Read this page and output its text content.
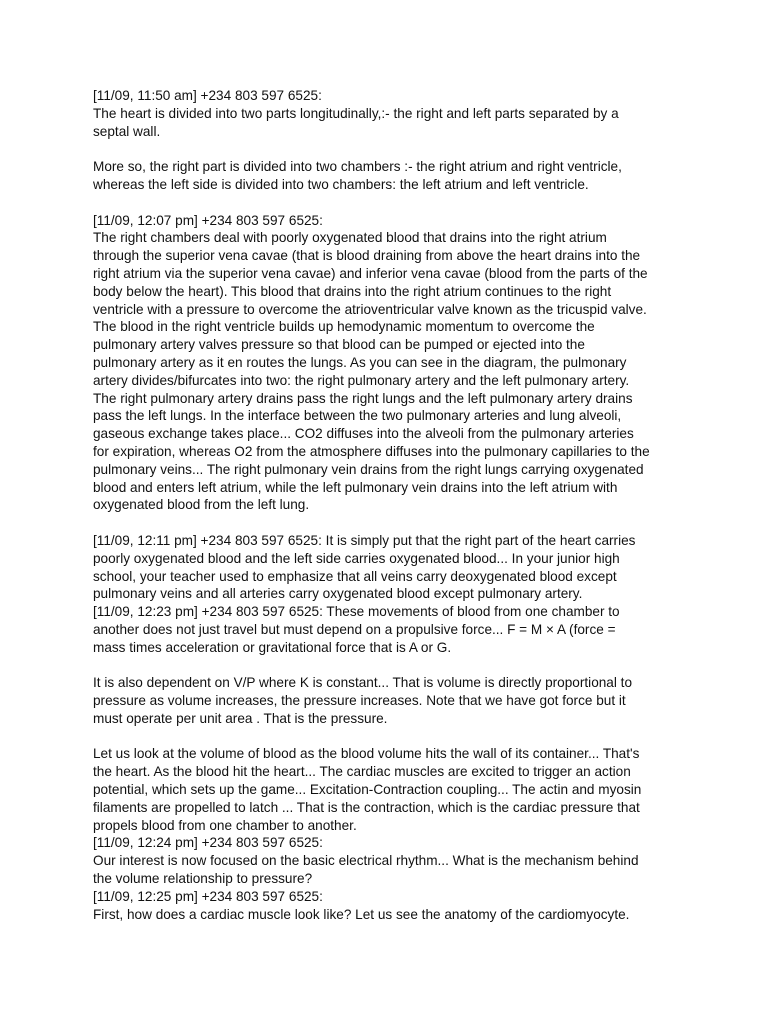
[11/09, 11:50 am] +234 803 597 6525:
The heart is divided into two parts longitudinally,:- the right and left parts separated by a
septal wall.

More so, the right part is divided into two chambers :- the right atrium and right ventricle,
whereas the left side is divided into two chambers: the left atrium and left ventricle.

[11/09, 12:07 pm] +234 803 597 6525:
The right chambers deal with poorly oxygenated blood that drains into the right atrium
through the superior vena cavae (that is blood draining from above the heart drains into the
right atrium via the superior vena cavae) and inferior vena cavae (blood from the parts of the
body below the heart). This blood that drains into the right atrium continues to the right
ventricle with a pressure to overcome the atrioventricular valve known as the tricuspid valve.
The blood in the right ventricle builds up hemodynamic momentum to overcome the
pulmonary artery valves pressure so that blood can be pumped or ejected into the
pulmonary artery as it en routes the lungs. As you can see in the diagram, the pulmonary
artery divides/bifurcates into two: the right pulmonary artery and the left pulmonary artery.
The right pulmonary artery drains pass the right lungs and the left pulmonary artery drains
pass the left lungs. In the interface between the two pulmonary arteries and lung alveoli,
gaseous exchange takes place... CO2 diffuses into the alveoli from the pulmonary arteries
for expiration, whereas O2 from the atmosphere diffuses into the pulmonary capillaries to the
pulmonary veins... The right pulmonary vein drains from the right lungs carrying oxygenated
blood and enters left atrium, while the left pulmonary vein drains into the left atrium with
oxygenated blood from the left lung.

[11/09, 12:11 pm] +234 803 597 6525: It is simply put that the right part of the heart carries
poorly oxygenated blood and the left side carries oxygenated blood... In your junior high
school, your teacher used to emphasize that all veins carry deoxygenated blood except
pulmonary veins and all arteries carry oxygenated blood except pulmonary artery.
[11/09, 12:23 pm] +234 803 597 6525: These movements of blood from one chamber to
another does not just travel but must depend on a propulsive force... F = M × A (force =
mass times acceleration or gravitational force that is A or G.

It is also dependent on V/P where K is constant... That is volume is directly proportional to
pressure as volume increases, the pressure increases. Note that we have got force but it
must operate per unit area . That is the pressure.

Let us look at the volume of blood as the blood volume hits the wall of its container... That's
the heart. As the blood hit the heart... The cardiac muscles are excited to trigger an action
potential, which sets up the game... Excitation-Contraction coupling... The actin and myosin
filaments are propelled to latch ... That is the contraction, which is the cardiac pressure that
propels blood from one chamber to another.
[11/09, 12:24 pm] +234 803 597 6525:
Our interest is now focused on the basic electrical rhythm... What is the mechanism behind
the volume relationship to pressure?
[11/09, 12:25 pm] +234 803 597 6525:
First, how does a cardiac muscle look like? Let us see the anatomy of the cardiomyocyte.
